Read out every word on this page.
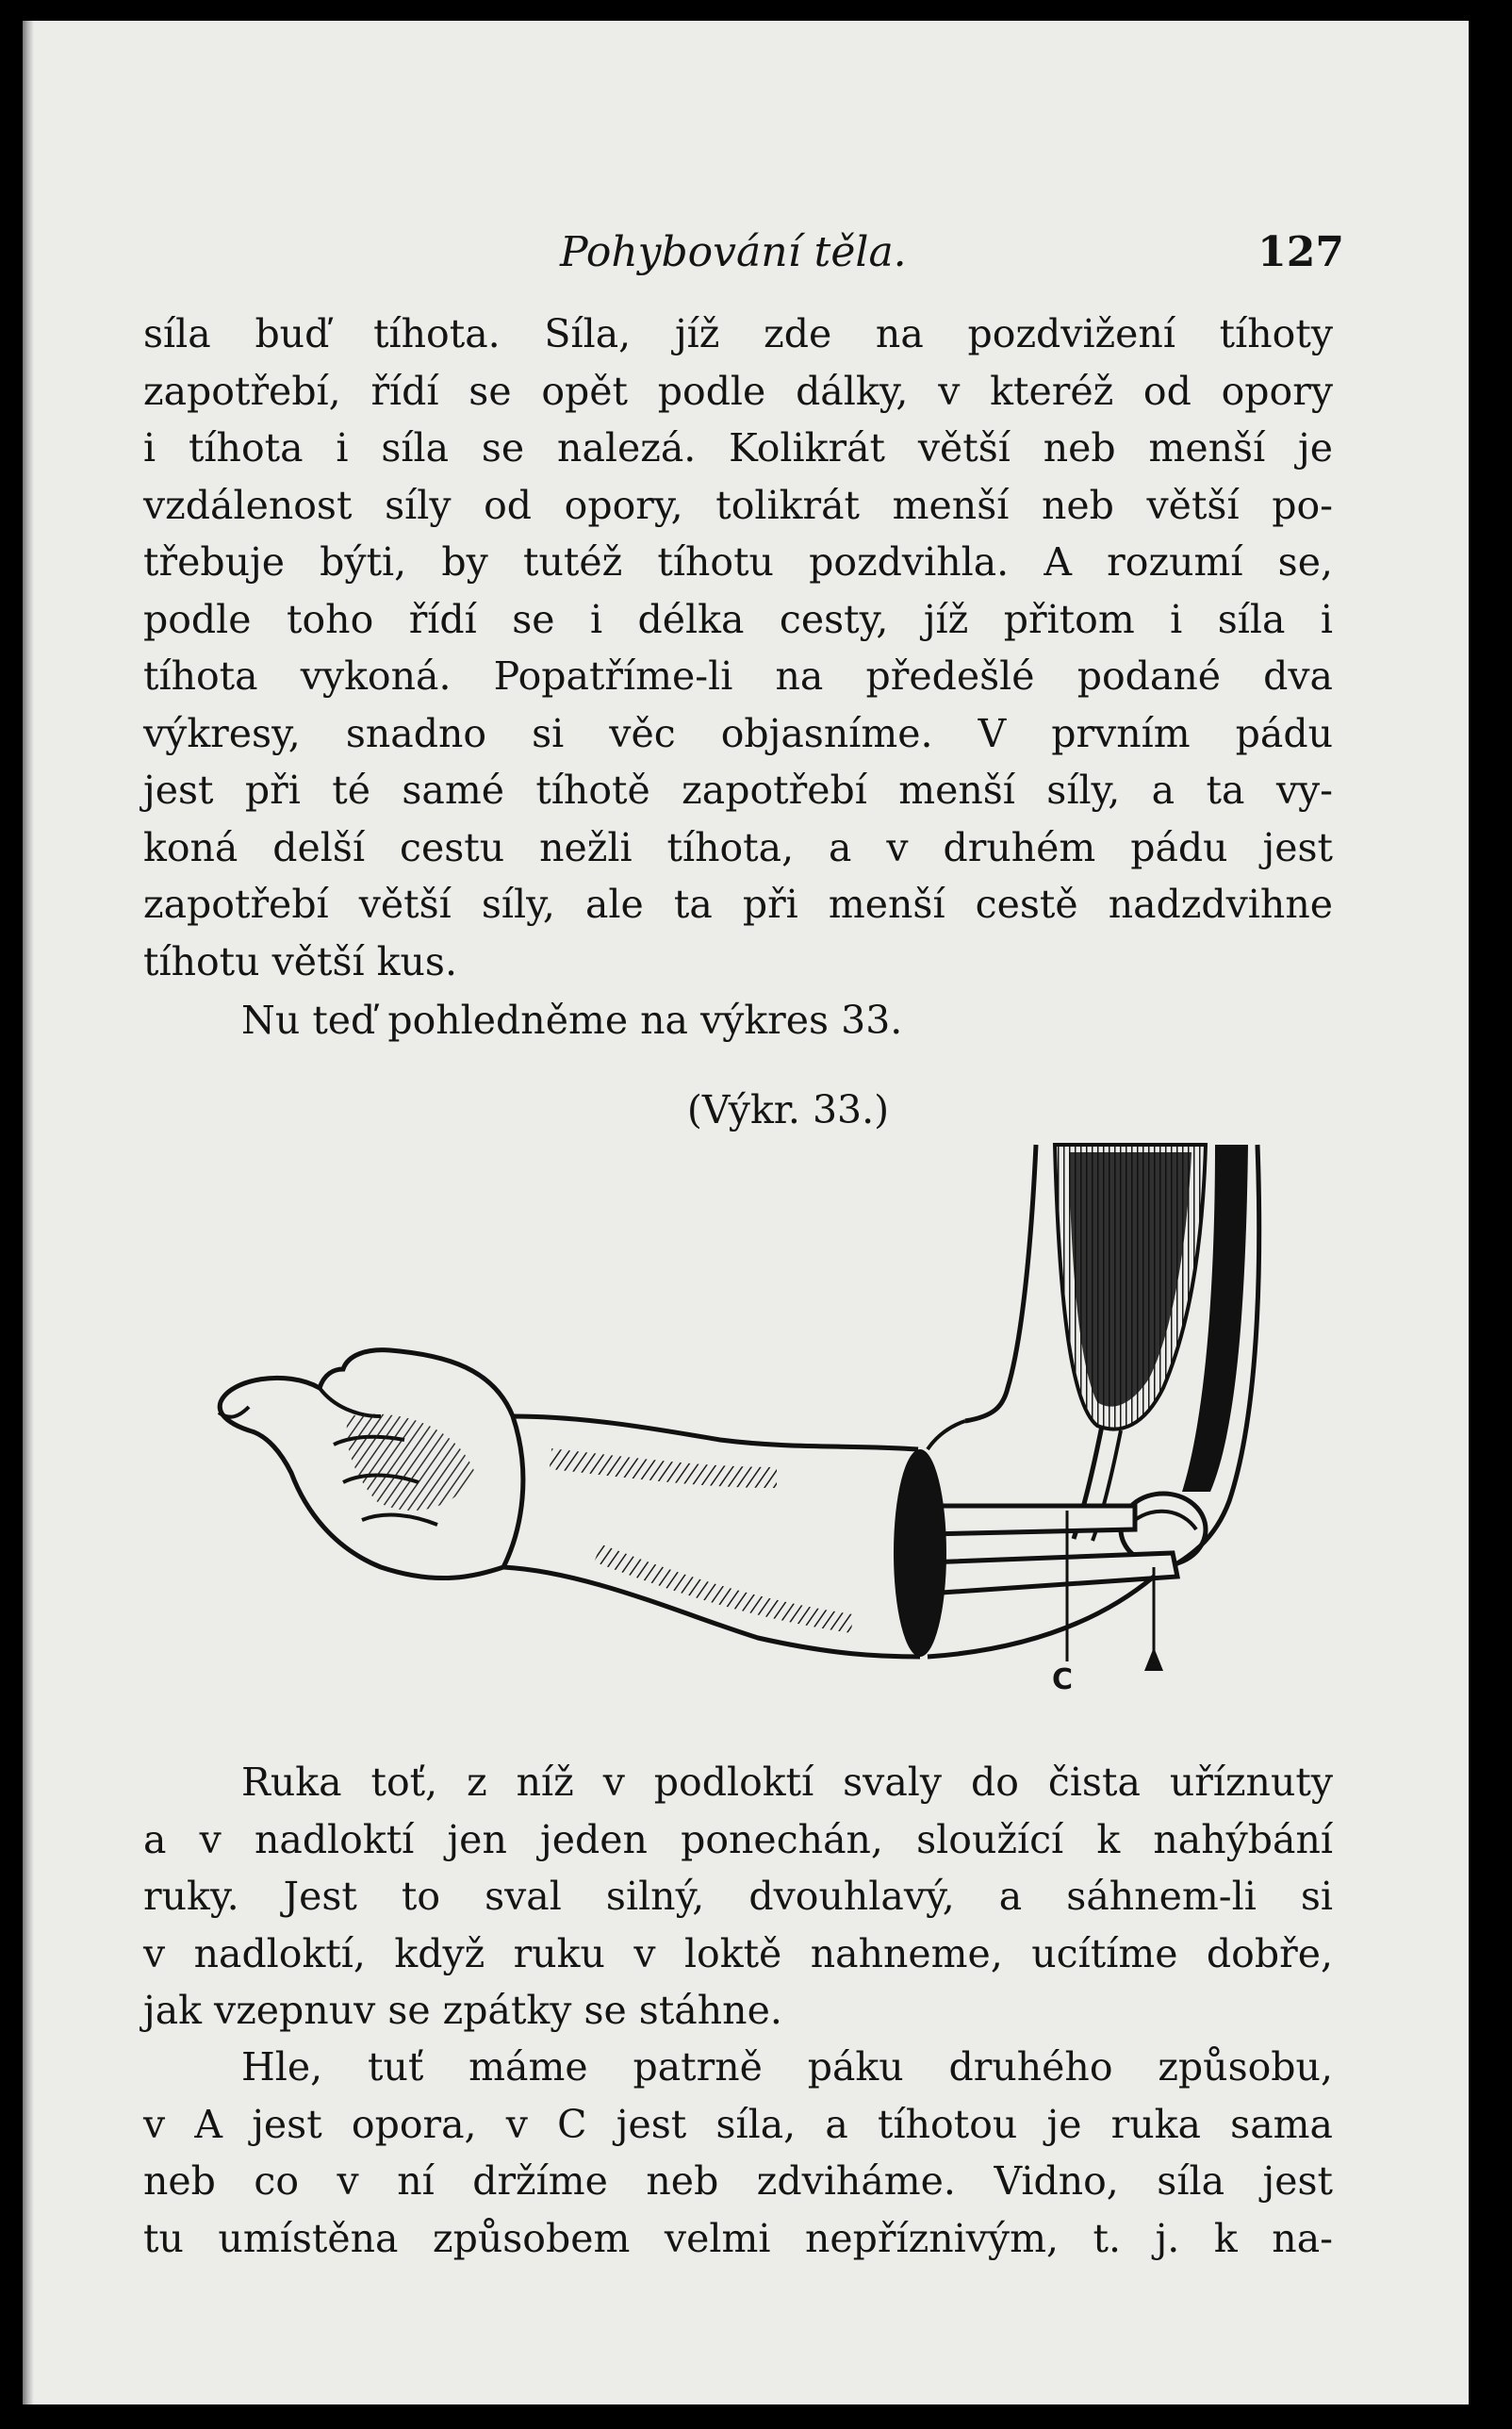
Pohybování těla.	127
síla buď tíhota. Síla, jíž zde na pozdvižení tíhoty
zapotřebí, řídí se opět podle dálky, v kteréž od opory
i tíhota i síla se nalezá. Kolikrát větší neb menší je
vzdálenost síly od opory, tolikrát menší neb větší po-
třebuje býti, by tutéž tíhotu pozdvihla. A rozumí se,
podle toho řídí se i délka cesty, jíž přitom i síla i
tíhota vykoná. Popatříme-li na předešlé podané dva
výkresy, snadno si věc objasníme. V prvním pádu
jest při té samé tíhotě zapotřebí menší síly, a ta vy-
koná delší cestu nežli tíhota, a v druhém pádu jest
zapotřebí větší síly, ale ta při menší cestě nadzdvihne
tíhotu větší kus.
Nu teď pohledněme na výkres 33.
(Výkr. 33.)
C
Ruka toť, z níž v podloktí svaly do čista uříznuty
a v nadloktí jen jeden ponechán, sloužící k nahýbání
ruky. Jest to sval silný, dvouhlavý, a sáhnem-li si
v nadloktí, když ruku v loktě nahneme, ucítíme dobře,
jak vzepnuv se zpátky se stáhne.
Hle, tuť máme patrně páku druhého způsobu,
v A jest opora, v C jest síla, a tíhotou je ruka sama
neb co v ní držíme neb zdviháme. Vidno, síla jest
tu umístěna způsobem velmi nepříznivým, t. j. k na-
